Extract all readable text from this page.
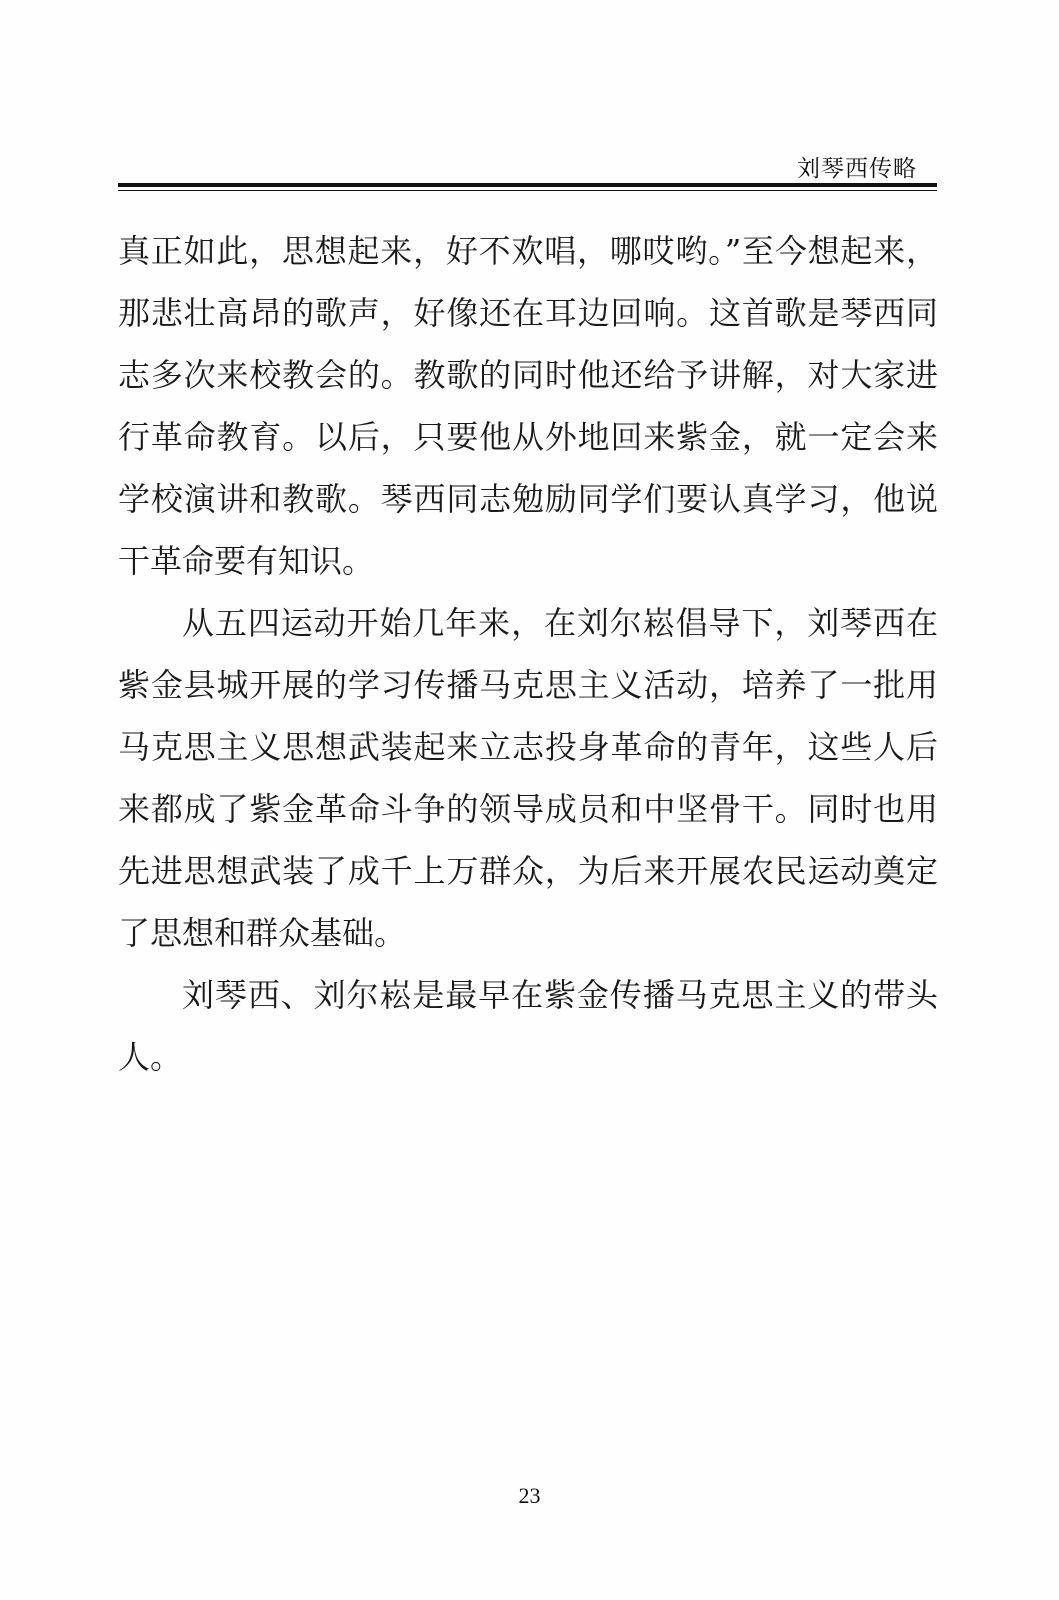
刘琴西传略

真正如此，思想起来，好不欢唱，哪哎哟。”至今想起来，那悲壮高昂的歌声，好像还在耳边回响。这首歌是琴西同志多次来校教会的。教歌的同时他还给予讲解，对大家进行革命教育。以后，只要他从外地回来紫金，就一定会来学校演讲和教歌。琴西同志勉励同学们要认真学习，他说干革命要有知识。

从五四运动开始几年来，在刘尔崧倡导下，刘琴西在紫金县城开展的学习传播马克思主义活动，培养了一批用马克思主义思想武装起来立志投身革命的青年，这些人后来都成了紫金革命斗争的领导成员和中坚骨干。同时也用先进思想武装了成千上万群众，为后来开展农民运动奠定了思想和群众基础。

刘琴西、刘尔崧是最早在紫金传播马克思主义的带头人。

23
